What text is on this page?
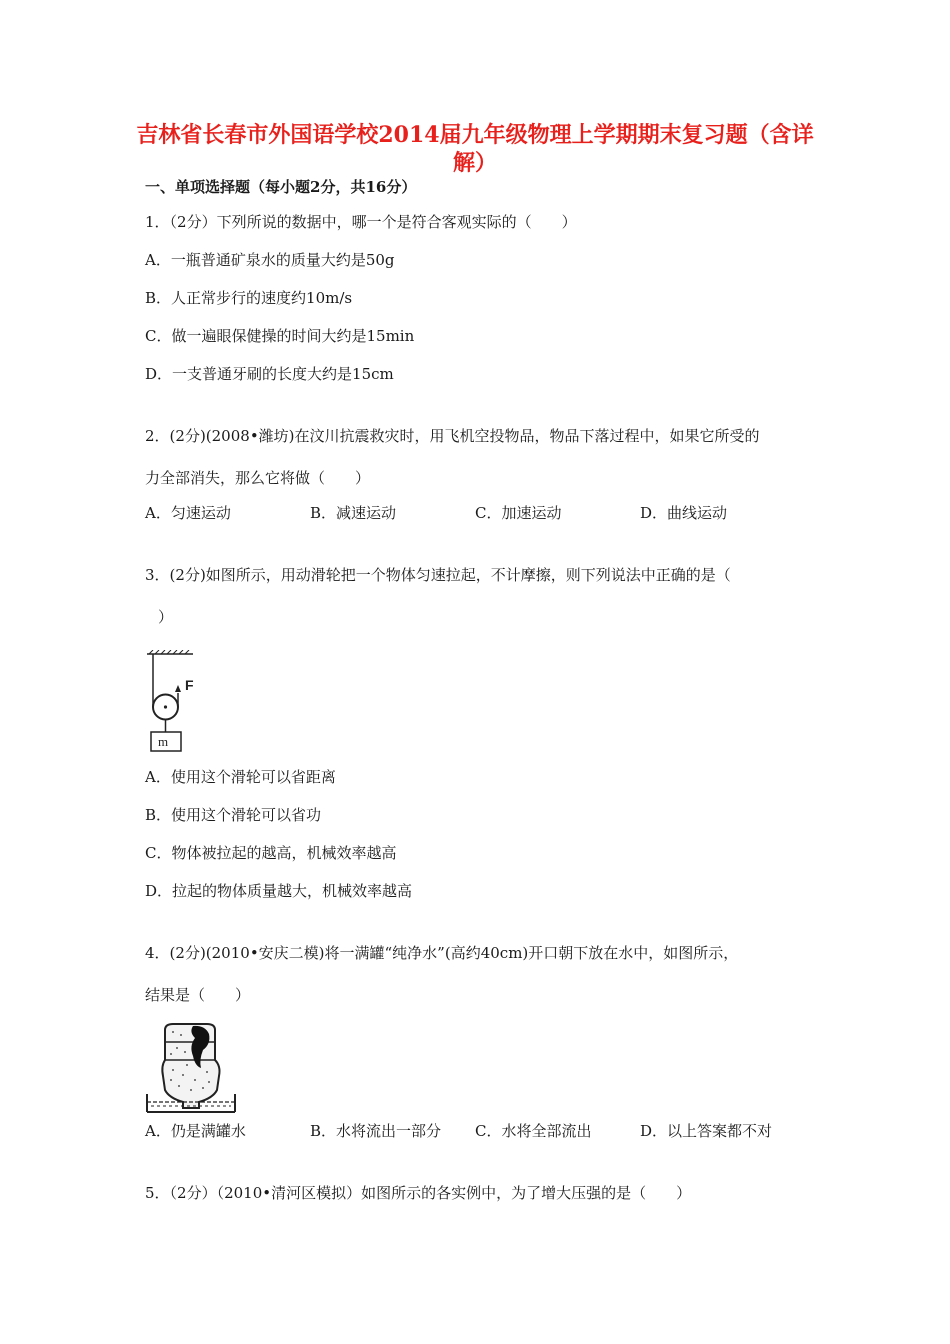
吉林省长春市外国语学校2014届九年级物理上学期期末复习题（含详解）
一、单项选择题（每小题2分，共16分）
1．（2分）下列所说的数据中，哪一个是符合客观实际的（　　）
A．一瓶普通矿泉水的质量大约是50g
B．人正常步行的速度约10m/s
C．做一遍眼保健操的时间大约是15min
D．一支普通牙刷的长度大约是15cm
2．(2分)(2008•潍坊)在汶川抗震救灾时，用飞机空投物品，物品下落过程中，如果它所受的
力全部消失，那么它将做（　　）
A．匀速运动	B．减速运动	C．加速运动	D．曲线运动
3．(2分)如图所示，用动滑轮把一个物体匀速拉起，不计摩擦，则下列说法中正确的是（
）
F
m
A．使用这个滑轮可以省距离
B．使用这个滑轮可以省功
C．物体被拉起的越高，机械效率越高
D．拉起的物体质量越大，机械效率越高
4．(2分)(2010•安庆二模)将一满罐“纯净水”(高约40cm)开口朝下放在水中，如图所示，
结果是（　　）
A．仍是满罐水	B．水将流出一部分 C．水将全部流出	D．以上答案都不对
5．（2分）（2010•清河区模拟）如图所示的各实例中，为了增大压强的是（　　）
